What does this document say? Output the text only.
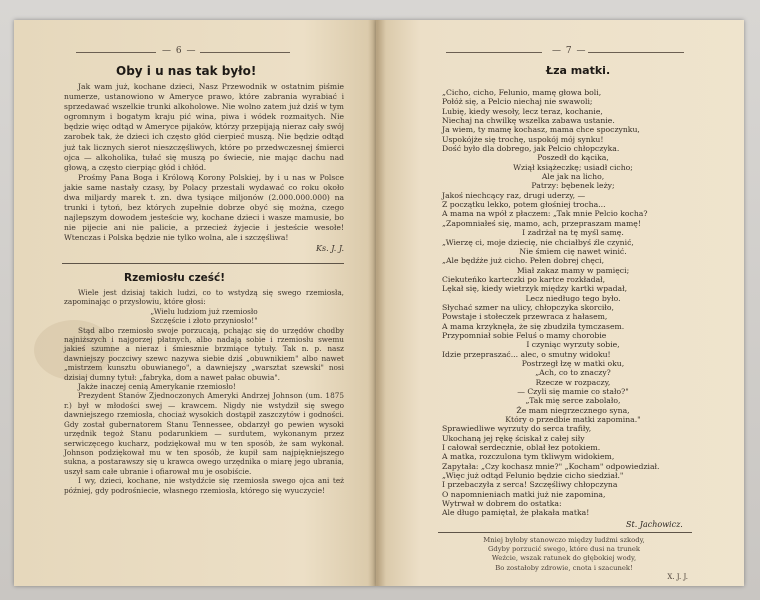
— 6 —
Oby i u nas tak było!

Jak wam już, kochane dzieci, Nasz Przewodnik w ostatnim piśmie numerze, ustanowiono w Ameryce prawo, które zabrania wyrabiać i sprzedawać wszelkie trunki alkoholowe. Nie wolno zatem już dziś w tym ogromnym i bogatym kraju pić wina, piwa i wódek rozmaitych. Nie będzie więc odtąd w Ameryce pijaków, którzy przepijają nieraz cały swój zarobek tak, że dzieci ich często głód cierpieć muszą. Nie będzie odtąd już tak licznych sierot nieszczęśliwych, które po przedwczesnej śmierci ojca — alkoholika, tułać się muszą po świecie, nie mając dachu nad głową, a często cierpiąc głód i chłód.

Prośmy Pana Boga i Królową Korony Polskiej, by i u nas w Polsce jakie same nastały czasy, by Polacy przestali wydawać co roku około dwa miljardy marek t. zn. dwa tysiące miljonów (2.000.000.000) na trunki i tytoń, bez których zupełnie dobrze obyć się można, czego najlepszym dowodem jesteście wy, kochane dzieci i wasze mamusie, bo nie pijecie ani nie palicie, a przecież żyjecie i jesteście wesołe! Wtenczas i Polska będzie nie tylko wolna, ale i szczęśliwa!

Ks. J. J.

Rzemiosłu cześć!

Wiele jest dzisiaj takich ludzi, co to wstydzą się swego rzemiosła, zapominając o przysłowiu, które głosi:

„Wielu ludziom już rzemiosło

Szczęście i złoto przyniosło!"

Stąd albo rzemiosło swoje porzucają, pchając się do urzędów chodby najniższych i najgorzej płatnych, albo nadają sobie i rzemiosłu swemu jakieś szumne a nieraz i śmiesznie brzmiące tytuły. Tak n. p. nasz dawniejszy poczciwy szewc nazywa siebie dziś „obuwnikiem" albo nawet „mistrzem kunsztu obuwianego", a dawniejszy „warsztat szewski" nosi dzisiaj dumny tytuł: „fabryka, dom a nawet pałac obuwia".

Jakże inaczej cenią Amerykanie rzemiosło!

Prezydent Stanów Zjednoczonych Ameryki Andrzej Johnson (um. 1875 r.) był w młodości swej — krawcem. Nigdy nie wstydził się swego dawniejszego rzemiosła, chociaż wysokich dostąpił zaszczytów i godności. Gdy został gubernatorem Stanu Tennessee, obdarzył go pewien wysoki urzędnik tegoż Stanu podarunkiem — surdutem, wykonanym przez serwiczęcego kucharz, podziękował mu w ten sposób, że sam wykonał. Johnson podziękował mu w ten sposób, że kupił sam najpiękniejszego sukna, a postarawszy się u krawca owego urzędnika o miarę jego ubrania, uszył sam całe ubranie i ofiarował mu je osobiście.

I wy, dzieci, kochane, nie wstydźcie się rzemiosła swego ojca ani też później, gdy podrośniecie, własnego rzemiosła, którego się wyuczycie!

— 7 —
Łza matki.
„Cicho, cicho, Felunio, mamę głowa boli,
Połóż się, a Pelcio niechaj nie swawoli;
Lubię, kiedy wesoły, lecz teraz, kochanie,
Niechaj na chwilkę wszelka zabawa ustanie.
Ja wiem, ty mamę kochasz, mama chce spoczynku,
Uspokójże się trochę, uspokój mój synku!
Dość było dla dobrego, jak Pelcio chłopczyka.
Poszedł do kącika,
Wziął książeczkę; usiadł cicho;
Ale jak na licho,
Patrzy: bębenek leży;
Jakoś niechcący raz, drugi uderzy, —
Z początku lekko, potem głośniej trocha...
A mama na wpół z płaczem: „Tak mnie Pelcio kocha?
„Zapomniałeś się, mamo, ach, przepraszam mamę!
I zadrżał na tę myśl samę.
„Wierzę ci, moje dziecię, nie chciałbyś źle czynić,
Nie śmiem cię nawet winić.
„Ale będźże już cicho. Pełen dobrej chęci,
Miał zakaz mamy w pamięci;
Ciekuteńko karteczki po kartce rozkładał,
Lękał się, kiedy wietrzyk między kartki wpadał,
Lecz niedługo tego było.
Słychać szmer na ulicy, chłopczyka skorciło,
Powstaje i stołeczek przewraca z hałasem,
A mama krzyknęła, że się zbudziła tymczasem.
Przypomniał sobie Feluś o mamy chorobie
I czyniąc wyrzuty sobie,
Idzie przepraszać... alec, o smutny widoku!
Postrzegł łzę w matki oku,
„Ach, co to znaczy?
Rzecze w rozpaczy,
— Czyli się mamie co stało?"
„Tak mię serce zabolało,
Że mam niegrzecznego syna,
Który o przedbie matki zapomina."
Sprawiedliwe wyrzuty do serca trafiły,
Ukochaną jej rękę ściskał z całej siły
I całował serdecznie, oblał łez potokiem.
A matka, rozczulona tym tkliwym widokiem,
Zapytała: „Czy kochasz mnie?" „Kocham" odpowiedział.
„Więc już odtąd Felunio będzie cicho siedział."
I przebaczyła z serca! Szczęśliwy chłopczyna
O napomnieniach matki już nie zapomina,
Wytrwał w dobrem do ostatka:
Ale długo pamiętał, że płakała matka!
St. Jachowicz.
Mniej byłoby stanowczo między ludźmi szkody,
Gdyby porzucić swego, które dusi na trunek
Weźcie, wszak ratunek do głębokiej wody,
Bo zostałoby zdrowie, cnota i szacunek!
X. J. J.
